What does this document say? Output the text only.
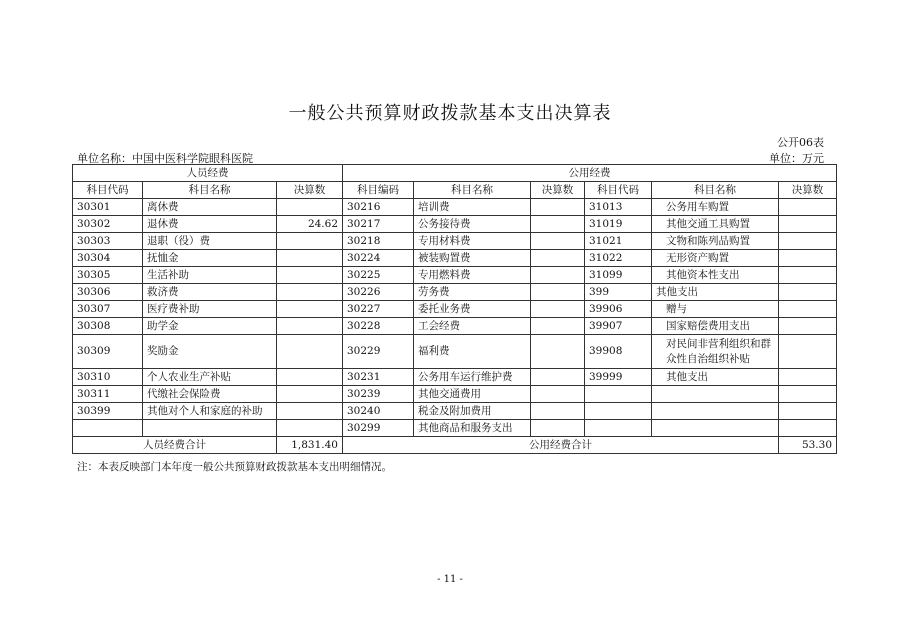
一般公共预算财政拨款基本支出决算表
公开06表
单位名称：中国中医科学院眼科医院	单位：万元
人员经费			公用经费					
科目代码	科目名称	决算数	科目编码	科目名称	决算数	科目代码	科目名称	决算数
30301	离休费		30216	培训费		31013	公务用车购置	
30302	退休费	24.62	30217	公务接待费		31019	其他交通工具购置	
30303	退职（役）费		30218	专用材料费		31021	文物和陈列品购置	
30304	抚恤金		30224	被装购置费		31022	无形资产购置	
30305	生活补助		30225	专用燃料费		31099	其他资本性支出	
30306	救济费		30226	劳务费		399	其他支出	
30307	医疗费补助		30227	委托业务费		39906	赠与	
30308	助学金		30228	工会经费		39907	国家赔偿费用支出	
30309	奖励金		30229	福利费		39908	对民间非营利组织和群众性自治组织补贴	
30310	个人农业生产补贴		30231	公务用车运行维护费		39999	其他支出	
30311	代缴社会保险费		30239	其他交通费用				
30399	其他对个人和家庭的补助		30240	税金及附加费用				
			30299	其他商品和服务支出				
人员经费合计		1,831.40	公用经费合计					53.30
注：本表反映部门本年度一般公共预算财政拨款基本支出明细情况。
- 11 -
